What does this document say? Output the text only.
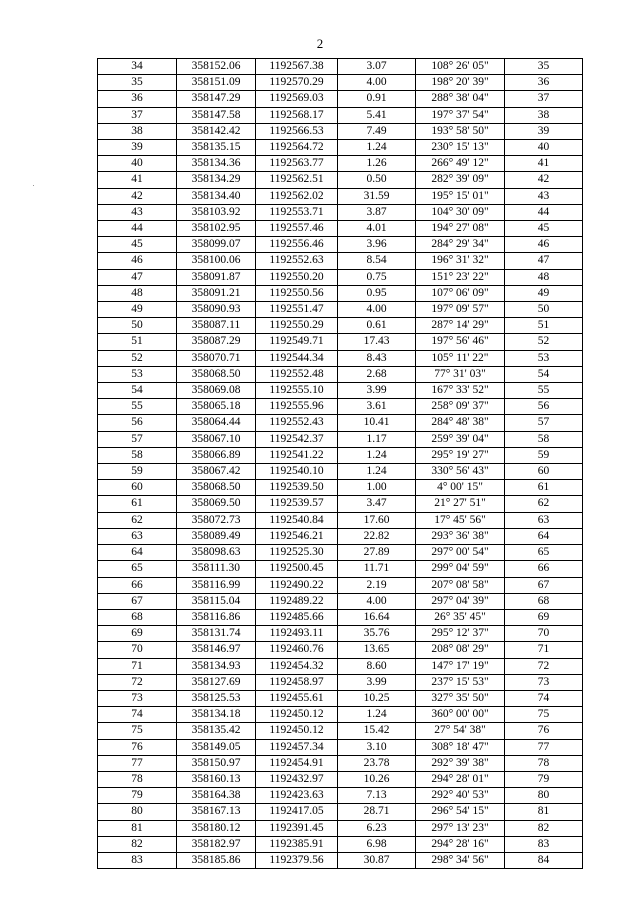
2
34	358152.06	1192567.38	3.07	108° 26' 05"	35
35	358151.09	1192570.29	4.00	198° 20' 39"	36
36	358147.29	1192569.03	0.91	288° 38' 04"	37
37	358147.58	1192568.17	5.41	197° 37' 54"	38
38	358142.42	1192566.53	7.49	193° 58' 50"	39
39	358135.15	1192564.72	1.24	230° 15' 13"	40
40	358134.36	1192563.77	1.26	266° 49' 12"	41
41	358134.29	1192562.51	0.50	282° 39' 09"	42
42	358134.40	1192562.02	31.59	195° 15' 01"	43
43	358103.92	1192553.71	3.87	104° 30' 09"	44
44	358102.95	1192557.46	4.01	194° 27' 08"	45
45	358099.07	1192556.46	3.96	284° 29' 34"	46
46	358100.06	1192552.63	8.54	196° 31' 32"	47
47	358091.87	1192550.20	0.75	151° 23' 22"	48
48	358091.21	1192550.56	0.95	107° 06' 09"	49
49	358090.93	1192551.47	4.00	197° 09' 57"	50
50	358087.11	1192550.29	0.61	287° 14' 29"	51
51	358087.29	1192549.71	17.43	197° 56' 46"	52
52	358070.71	1192544.34	8.43	105° 11' 22"	53
53	358068.50	1192552.48	2.68	77° 31' 03"	54
54	358069.08	1192555.10	3.99	167° 33' 52"	55
55	358065.18	1192555.96	3.61	258° 09' 37"	56
56	358064.44	1192552.43	10.41	284° 48' 38"	57
57	358067.10	1192542.37	1.17	259° 39' 04"	58
58	358066.89	1192541.22	1.24	295° 19' 27"	59
59	358067.42	1192540.10	1.24	330° 56' 43"	60
60	358068.50	1192539.50	1.00	4° 00' 15"	61
61	358069.50	1192539.57	3.47	21° 27' 51"	62
62	358072.73	1192540.84	17.60	17° 45' 56"	63
63	358089.49	1192546.21	22.82	293° 36' 38"	64
64	358098.63	1192525.30	27.89	297° 00' 54"	65
65	358111.30	1192500.45	11.71	299° 04' 59"	66
66	358116.99	1192490.22	2.19	207° 08' 58"	67
67	358115.04	1192489.22	4.00	297° 04' 39"	68
68	358116.86	1192485.66	16.64	26° 35' 45"	69
69	358131.74	1192493.11	35.76	295° 12' 37"	70
70	358146.97	1192460.76	13.65	208° 08' 29"	71
71	358134.93	1192454.32	8.60	147° 17' 19"	72
72	358127.69	1192458.97	3.99	237° 15' 53"	73
73	358125.53	1192455.61	10.25	327° 35' 50"	74
74	358134.18	1192450.12	1.24	360° 00' 00"	75
75	358135.42	1192450.12	15.42	27° 54' 38"	76
76	358149.05	1192457.34	3.10	308° 18' 47"	77
77	358150.97	1192454.91	23.78	292° 39' 38"	78
78	358160.13	1192432.97	10.26	294° 28' 01"	79
79	358164.38	1192423.63	7.13	292° 40' 53"	80
80	358167.13	1192417.05	28.71	296° 54' 15"	81
81	358180.12	1192391.45	6.23	297° 13' 23"	82
82	358182.97	1192385.91	6.98	294° 28' 16"	83
83	358185.86	1192379.56	30.87	298° 34' 56"	84
